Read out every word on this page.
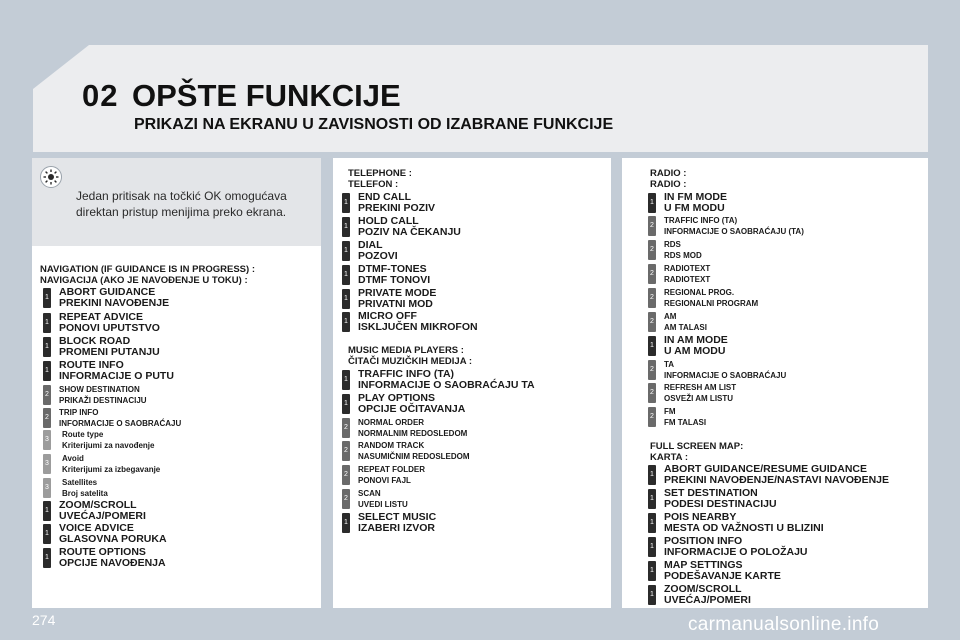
02 OPŠTE FUNKCIJE
PRIKAZI NA EKRANU U ZAVISNOSTI OD IZABRANE FUNKCIJE
Jedan pritisak na točkić OK omogućava direktan pristup menijima preko ekrana.
NAVIGATION (IF GUIDANCE IS IN PROGRESS) :
NAVIGACIJA (AKO JE NAVOĐENJE U TOKU) :
TELEPHONE :
TELEFON :
MUSIC MEDIA PLAYERS :
ČITAČI MUZIČKIH MEDIJA :
RADIO :
RADIO :
FULL SCREEN MAP:
KARTA :
1 ABORT GUIDANCE
PREKINI NAVOĐENJE
1 REPEAT ADVICE
PONOVI UPUTSTVO
1 BLOCK ROAD
PROMENI PUTANJU
1 ROUTE INFO
INFORMACIJE O PUTU
2
SHOW DESTINATION
PRIKAŽI DESTINACIJU
2
TRIP INFO
INFORMACIJE O SAOBRAĆAJU
3
Route type
Kriterijumi za navođenje
3
Avoid
Kriterijumi za izbegavanje
3
Satellites
Broj satelita
1 ZOOM/SCROLL
UVEĆAJ/POMERI
1 VOICE ADVICE
GLASOVNA PORUKA
1 ROUTE OPTIONS
OPCIJE NAVOĐENJA
1 END CALL
PREKINI POZIV
1 HOLD CALL
POZIV NA ČEKANJU
1 DIAL
POZOVI
1 DTMF-TONES
DTMF TONOVI
1 PRIVATE MODE
PRIVATNI MOD
1 MICRO OFF
ISKLJUČEN MIKROFON
1 TRAFFIC INFO (TA)
INFORMACIJE O SAOBRAĆAJU TA
1 PLAY OPTIONS
OPCIJE OČITAVANJA
2
NORMAL ORDER
NORMALNIM REDOSLEDOM
2
RANDOM TRACK
NASUMIČNIM REDOSLEDOM
2
REPEAT FOLDER
PONOVI FAJL
2
SCAN
UVEDI LISTU
1 SELECT MUSIC
IZABERI IZVOR
1 IN FM MODE
U FM MODU
2
TRAFFIC INFO (TA)
INFORMACIJE O SAOBRAĆAJU (TA)
2
RDS
RDS MOD
2
RADIOTEXT
RADIOTEXT
2
REGIONAL PROG.
REGIONALNI PROGRAM
2
AM
AM TALASI
1 IN AM MODE
U AM MODU
2
TA
INFORMACIJE O SAOBRAĆAJU
2
REFRESH AM LIST
OSVEŽI AM LISTU
2
FM
FM TALASI
1 ABORT GUIDANCE/RESUME GUIDANCE
PREKINI NAVOĐENJE/NASTAVI NAVOĐENJE
1 SET DESTINATION
PODESI DESTINACIJU
1 POIS NEARBY
MESTA OD VAŽNOSTI U BLIZINI
1 POSITION INFO
INFORMACIJE O POLOŽAJU
1 MAP SETTINGS
PODEŠAVANJE KARTE
1 ZOOM/SCROLL
UVEĆAJ/POMERI
274	carmanualsonline.info
